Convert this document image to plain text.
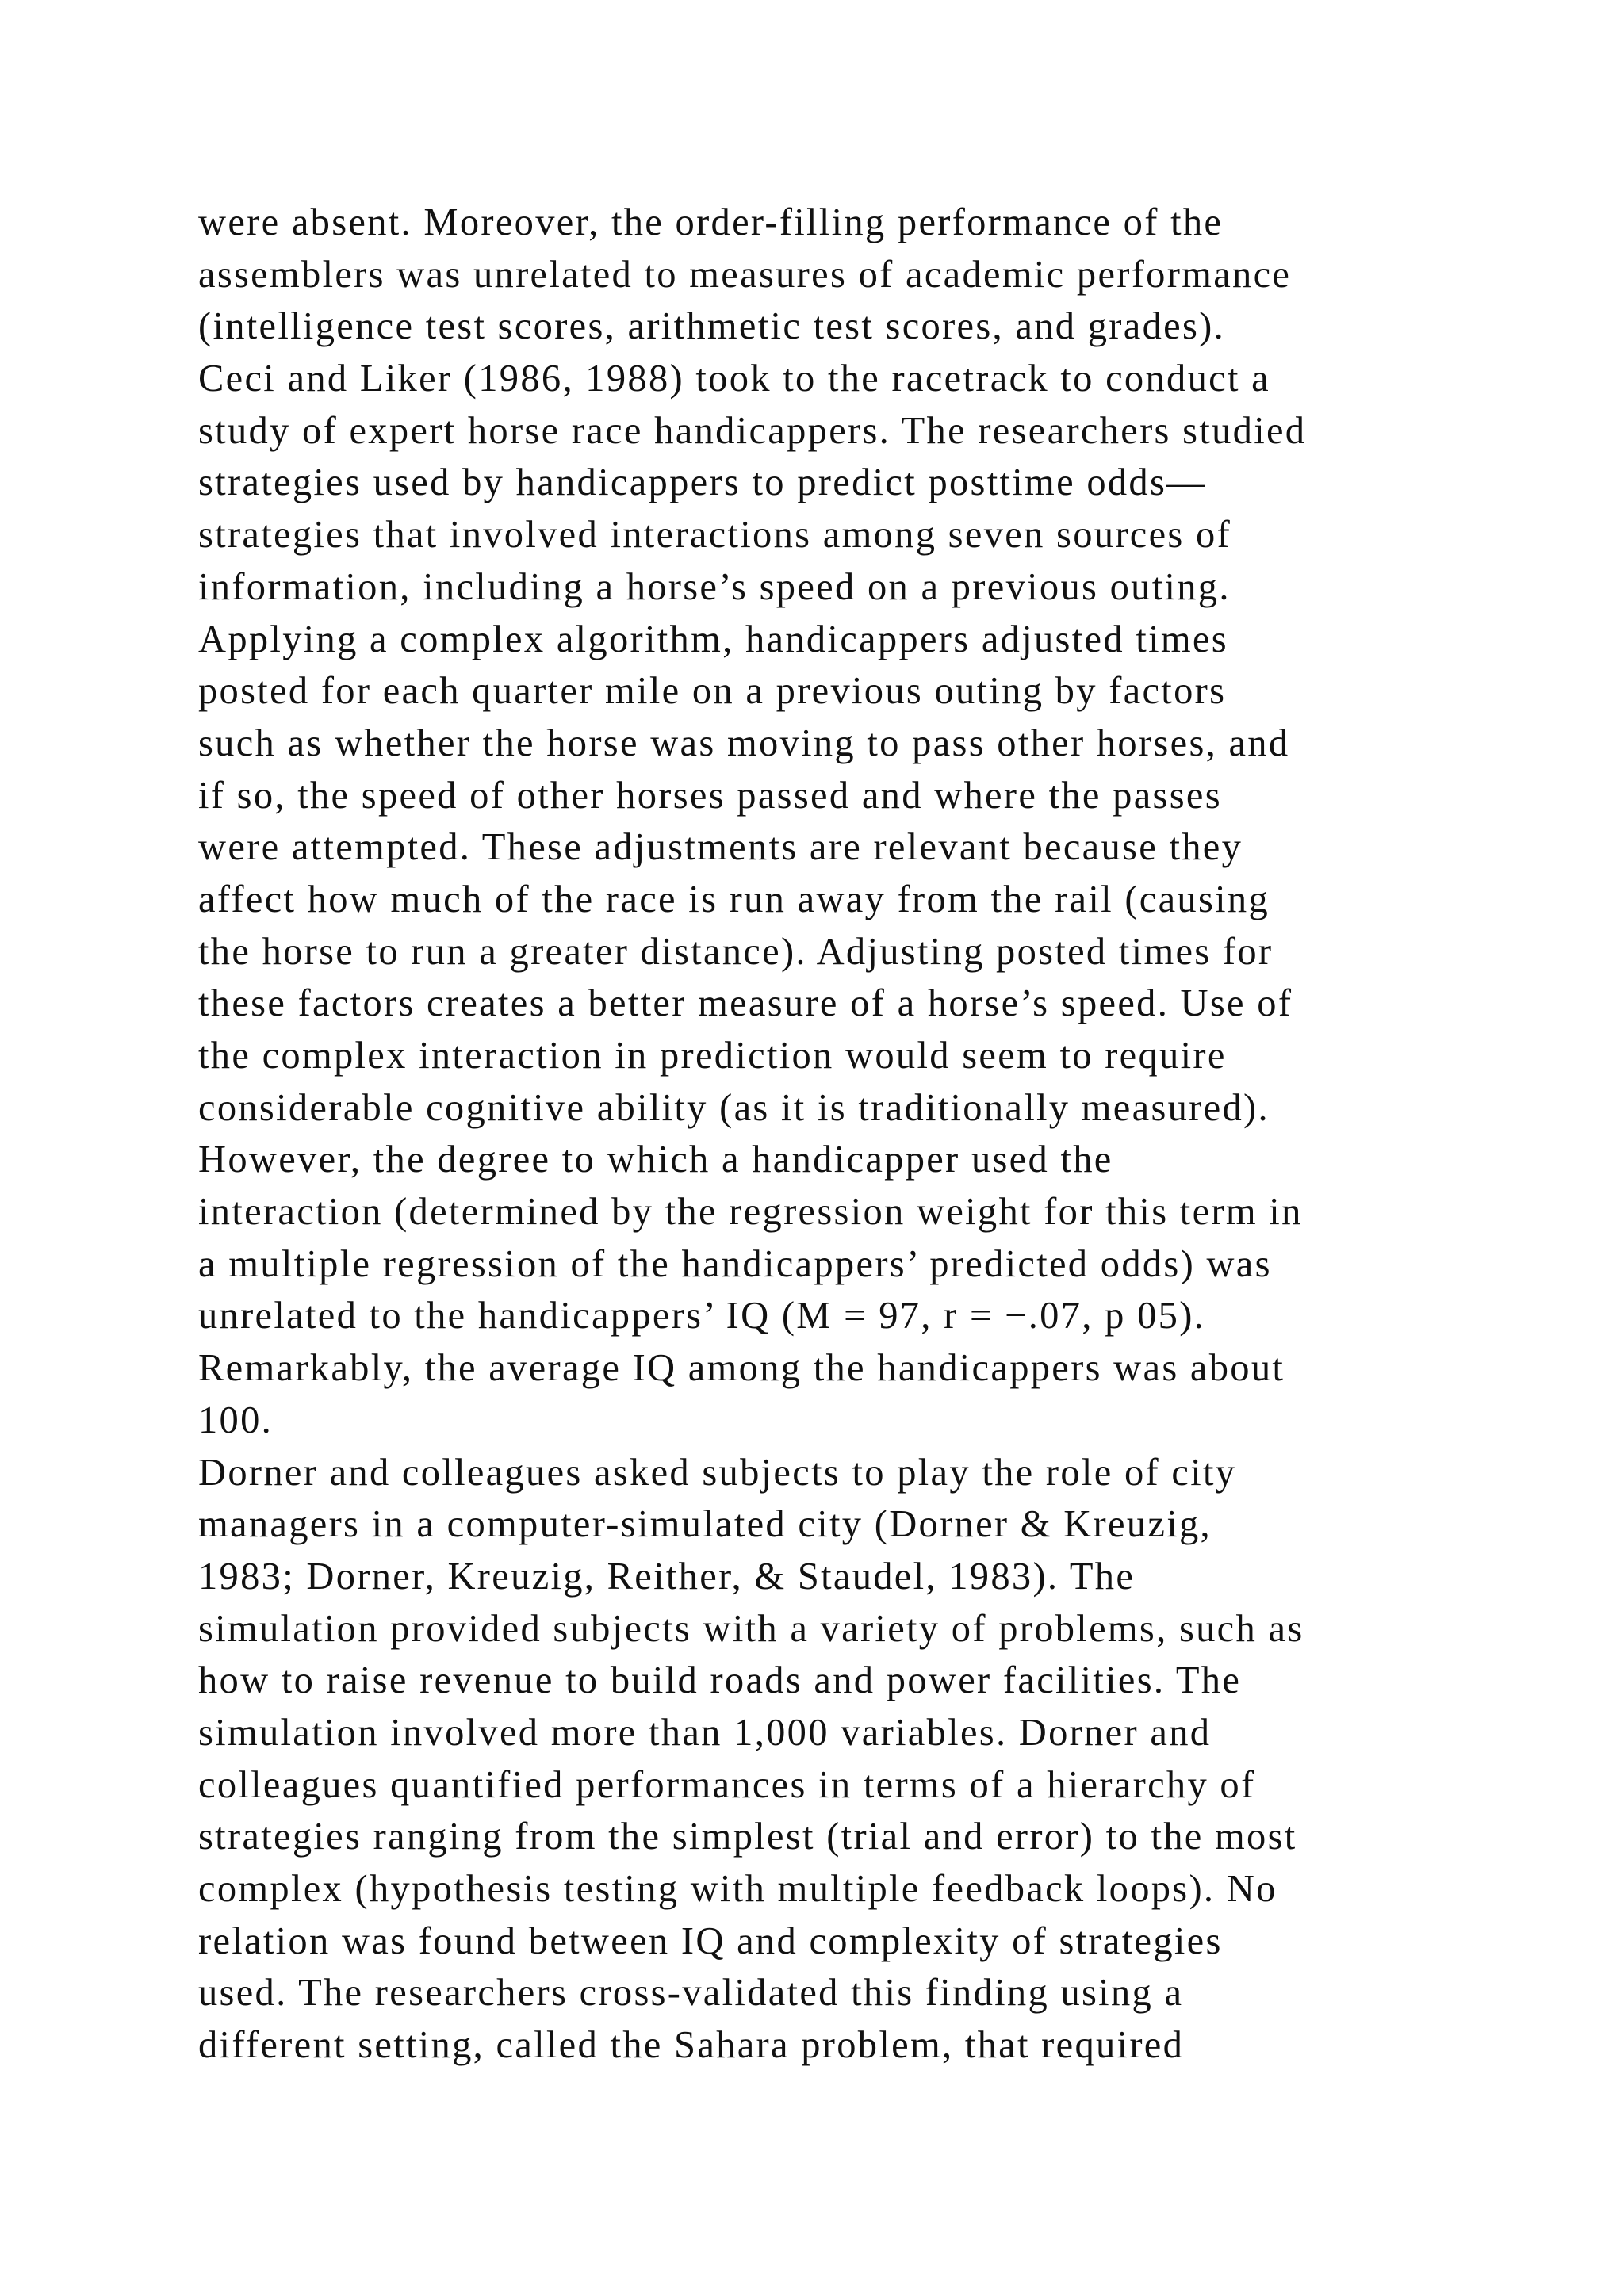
were absent. Moreover, the order-filling performance of the
assemblers was unrelated to measures of academic performance
(intelligence test scores, arithmetic test scores, and grades).
Ceci and Liker (1986, 1988) took to the racetrack to conduct a
study of expert horse race handicappers. The researchers studied
strategies used by handicappers to predict posttime odds—
strategies that involved interactions among seven sources of
information, including a horse’s speed on a previous outing.
Applying a complex algorithm, handicappers adjusted times
posted for each quarter mile on a previous outing by factors
such as whether the horse was moving to pass other horses, and
if so, the speed of other horses passed and where the passes
were attempted. These adjustments are relevant because they
affect how much of the race is run away from the rail (causing
the horse to run a greater distance). Adjusting posted times for
these factors creates a better measure of a horse’s speed. Use of
the complex interaction in prediction would seem to require
considerable cognitive ability (as it is traditionally measured).
However, the degree to which a handicapper used the
interaction (determined by the regression weight for this term in
a multiple regression of the handicappers’ predicted odds) was
unrelated to the handicappers’ IQ (M = 97, r = −.07, p 05).
Remarkably, the average IQ among the handicappers was about
100.
Dorner and colleagues asked subjects to play the role of city
managers in a computer-simulated city (Dorner & Kreuzig,
1983; Dorner, Kreuzig, Reither, & Staudel, 1983). The
simulation provided subjects with a variety of problems, such as
how to raise revenue to build roads and power facilities. The
simulation involved more than 1,000 variables. Dorner and
colleagues quantified performances in terms of a hierarchy of
strategies ranging from the simplest (trial and error) to the most
complex (hypothesis testing with multiple feedback loops). No
relation was found between IQ and complexity of strategies
used. The researchers cross-validated this finding using a
different setting, called the Sahara problem, that required
